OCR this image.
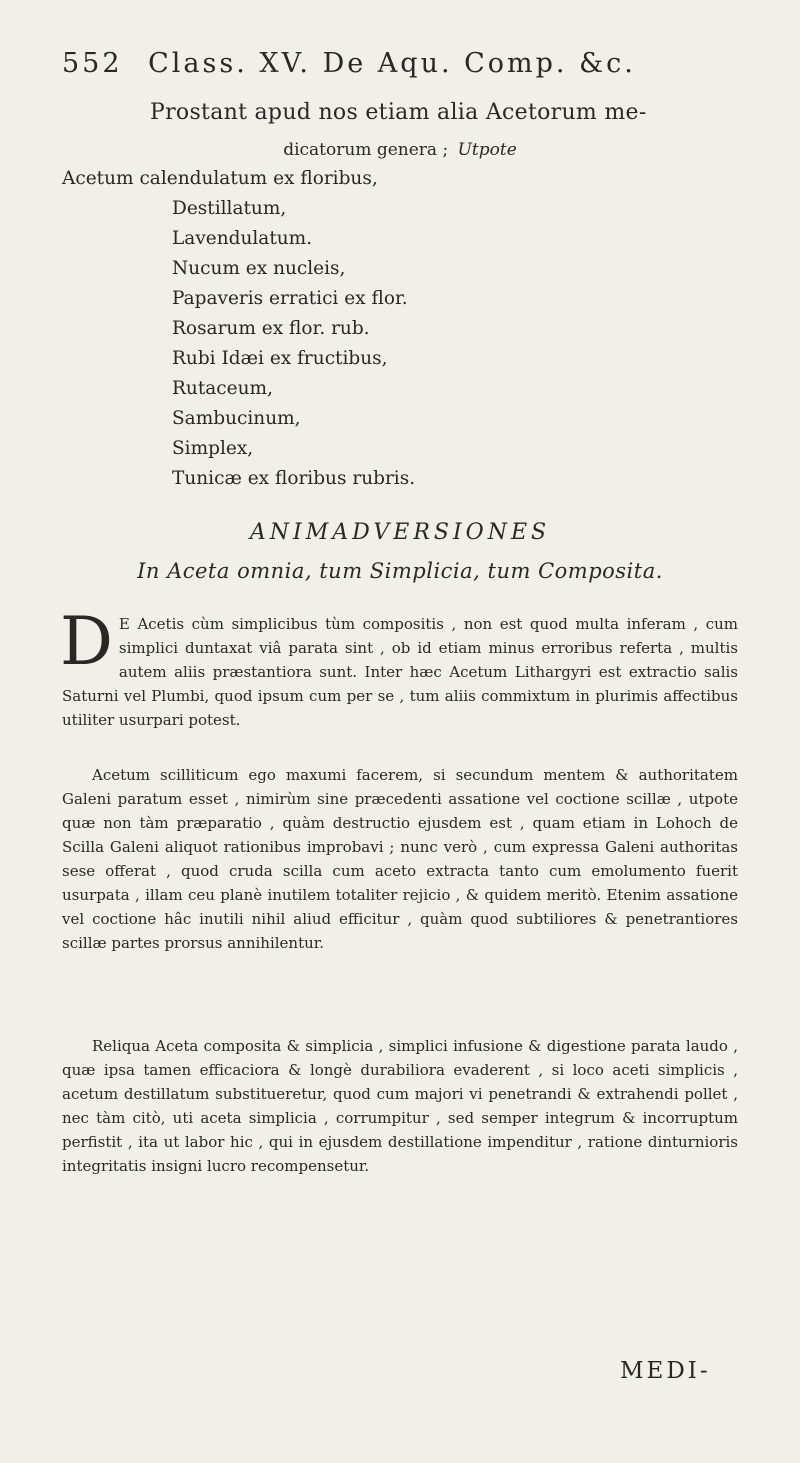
552 Class. XV. De Aqu. Comp. &c.
Prostant apud nos etiam alia Acetorum me-
dicatorum genera ; Utpote
Acetum calendulatum ex floribus,
Destillatum,
Lavendulatum.
Nucum ex nucleis,
Papaveris erratici ex flor.
Rosarum ex flor. rub.
Rubi Idæi ex fructibus,
Rutaceum,
Sambucinum,
Simplex,
Tunicæ ex floribus rubris.
ANIMADVERSIONES
In Aceta omnia, tum Simplicia, tum Composita.
D E Acetis cùm simplicibus tùm compositis , non est quod multa inferam , cum simplici duntaxat viâ parata sint , ob id etiam minus erroribus referta , multis autem aliis præstantiora sunt. Inter hæc Acetum Lithargyri est extractio salis Saturni vel Plumbi, quod ipsum cum per se , tum aliis commixtum in plurimis affectibus utiliter usurpari potest.
Acetum scilliticum ego maxumi facerem, si secundum mentem & authoritatem Galeni paratum esset , nimirùm sine præcedenti assatione vel coctione scillæ , utpote quæ non tàm præparatio , quàm destructio ejusdem est , quam etiam in Lohoch de Scilla Galeni aliquot rationibus improbavi ; nunc verò , cum expressa Galeni authoritas sese offerat , quod cruda scilla cum aceto extracta tanto cum emolumento fuerit usurpata , illam ceu planè inutilem totaliter rejicio , & quidem meritò. Etenim assatione vel coctione hâc inutili nihil aliud efficitur , quàm quod subtiliores & penetrantiores scillæ partes prorsus annihilentur.
Reliqua Aceta composita & simplicia , simplici infusione & digestione parata laudo , quæ ipsa tamen efficaciora & longè durabiliora evaderent , si loco aceti simplicis , acetum destillatum substitueretur, quod cum majori vi penetrandi & extrahendi pollet , nec tàm citò, uti aceta simplicia , corrumpitur , sed semper integrum & incorruptum perfistit , ita ut labor hic , qui in ejusdem destillatione impenditur , ratione dinturnioris integritatis insigni lucro recompensetur.
MEDI-
